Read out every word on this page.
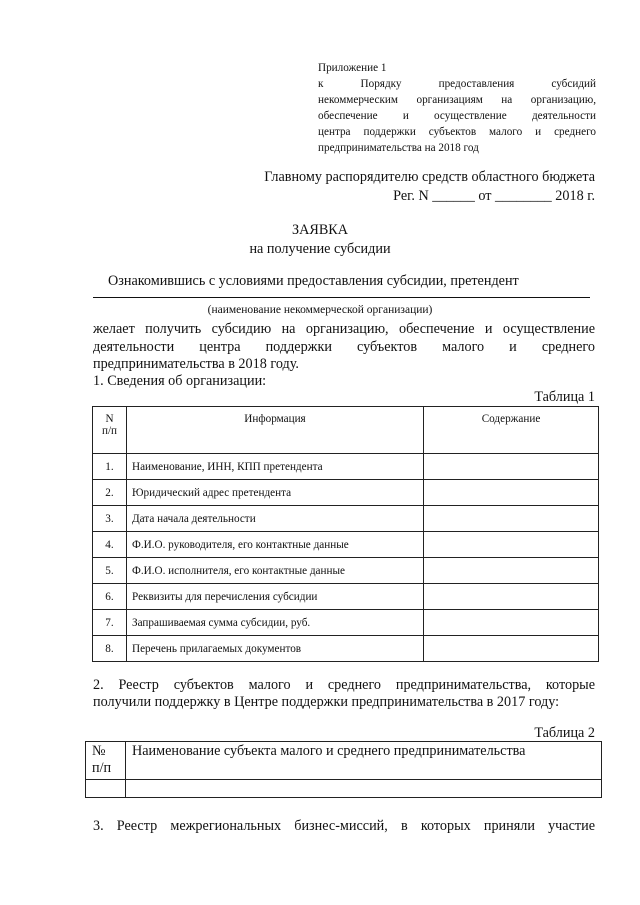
Приложение 1
к Порядку предоставления субсидий
некоммерческим организациям на организацию,
обеспечение и осуществление деятельности
центра поддержки субъектов малого и среднего
предпринимательства на 2018 год
Главному распорядителю средств областного бюджета
Рег. N ______ от ________ 2018 г.
ЗАЯВКА
на получение субсидии
Ознакомившись с условиями предоставления субсидии, претендент
(наименование некоммерческой организации)
желает получить субсидию на организацию, обеспечение и осуществление
деятельности центра поддержки субъектов малого и среднего
предпринимательства в 2018 году.
1. Сведения об организации:
Таблица 1
N
п/п	Информация	Содержание
1.	Наименование, ИНН, КПП претендента	
2.	Юридический адрес претендента	
3.	Дата начала деятельности	
4.	Ф.И.О. руководителя, его контактные данные	
5.	Ф.И.О. исполнителя, его контактные данные	
6.	Реквизиты для перечисления субсидии	
7.	Запрашиваемая сумма субсидии, руб.	
8.	Перечень прилагаемых документов	
2. Реестр субъектов малого и среднего предпринимательства, которые
получили поддержку в Центре поддержки предпринимательства в 2017 году:
Таблица 2
№
п/п	Наименование субъекта малого и среднего предпринимательства

3. Реестр межрегиональных бизнес-миссий, в которых приняли участие
